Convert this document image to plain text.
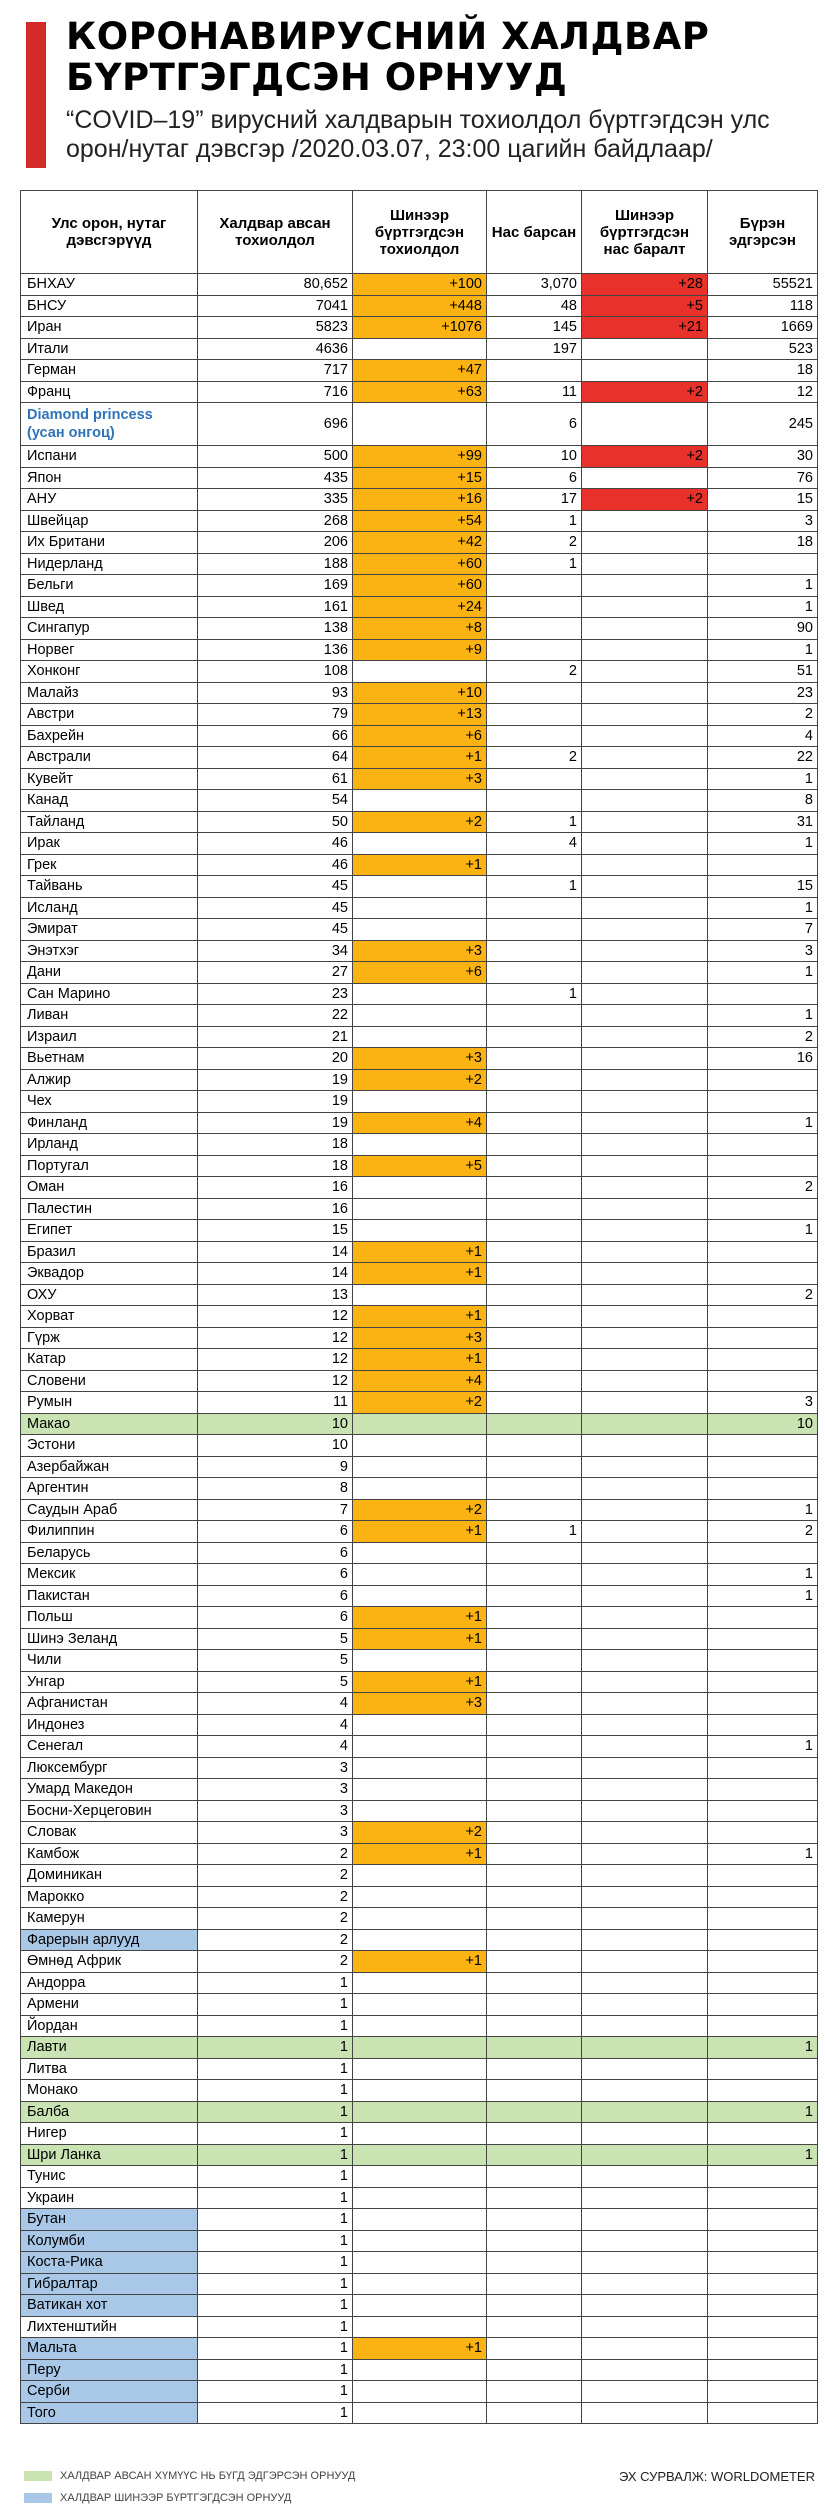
КОРОНАВИРУСНИЙ ХАЛДВАР
БҮРТГЭГДСЭН ОРНУУД
“COVID–19” вирусний халдварын тохиолдол бүртгэгдсэн улс орон/нутаг дэвсгэр /2020.03.07, 23:00 цагийн байдлаар/
Улс орон, нутаг дэвсгэрүүд	Халдвар авсан тохиолдол	Шинээр бүртгэгдсэн тохиолдол	Нас барсан	Шинээр бүртгэгдсэн нас баралт	Бүрэн эдгэрсэн
БНХАУ	80,652	+100	3,070	+28	55521
БНСУ	7041	+448	48	+5	118
Иран	5823	+1076	145	+21	1669
Итали	4636		197		523
Герман	717	+47			18
Франц	716	+63	11	+2	12
Diamond princess (усан онгоц)	696		6		245
Испани	500	+99	10	+2	30
Япон	435	+15	6		76
АНУ	335	+16	17	+2	15
Швейцар	268	+54	1		3
Их Британи	206	+42	2		18
Нидерланд	188	+60	1		
Бельги	169	+60			1
Швед	161	+24			1
Сингапур	138	+8			90
Норвег	136	+9			1
Хонконг	108		2		51
Малайз	93	+10			23
Австри	79	+13			2
Бахрейн	66	+6			4
Австрали	64	+1	2		22
Кувейт	61	+3			1
Канад	54				8
Тайланд	50	+2	1		31
Ирак	46		4		1
Грек	46	+1			
Тайвань	45		1		15
Исланд	45				1
Эмират	45				7
Энэтхэг	34	+3			3
Дани	27	+6			1
Сан Марино	23		1		
Ливан	22				1
Израил	21				2
Вьетнам	20	+3			16
Алжир	19	+2			
Чех	19				
Финланд	19	+4			1
Ирланд	18				
Португал	18	+5			
Оман	16				2
Палестин	16				
Египет	15				1
Бразил	14	+1			
Эквадор	14	+1			
ОХУ	13				2
Хорват	12	+1			
Гүрж	12	+3			
Катар	12	+1			
Словени	12	+4			
Румын	11	+2			3
Макао	10				10
Эстони	10				
Азербайжан	9				
Аргентин	8				
Саудын Араб	7	+2			1
Филиппин	6	+1	1		2
Беларусь	6				
Мексик	6				1
Пакистан	6				1
Польш	6	+1			
Шинэ Зеланд	5	+1			
Чили	5				
Унгар	5	+1			
Афганистан	4	+3			
Индонез	4				
Сенегал	4				1
Люксембург	3				
Умард Македон	3				
Босни-Херцеговин	3				
Словак	3	+2			
Камбож	2	+1			1
Доминикан	2				
Марокко	2				
Камерун	2				
Фарерын арлууд	2				
Өмнөд Африк	2	+1			
Андорра	1				
Армени	1				
Йордан	1				
Лавти	1				1
Литва	1				
Монако	1				
Балба	1				1
Нигер	1				
Шри Ланка	1				1
Тунис	1				
Украин	1				
Бутан	1				
Колумби	1				
Коста-Рика	1				
Гибралтар	1				
Ватикан хот	1				
Лихтенштийн	1				
Мальта	1	+1			
Перу	1				
Серби	1				
Того	1				
ХАЛДВАР АВСАН ХҮМҮҮС НЬ БҮГД ЭДГЭРСЭН ОРНУУД
ХАЛДВАР ШИНЭЭР БҮРТГЭГДСЭН ОРНУУД
ЭХ СУРВАЛЖ: WORLDOMETER
